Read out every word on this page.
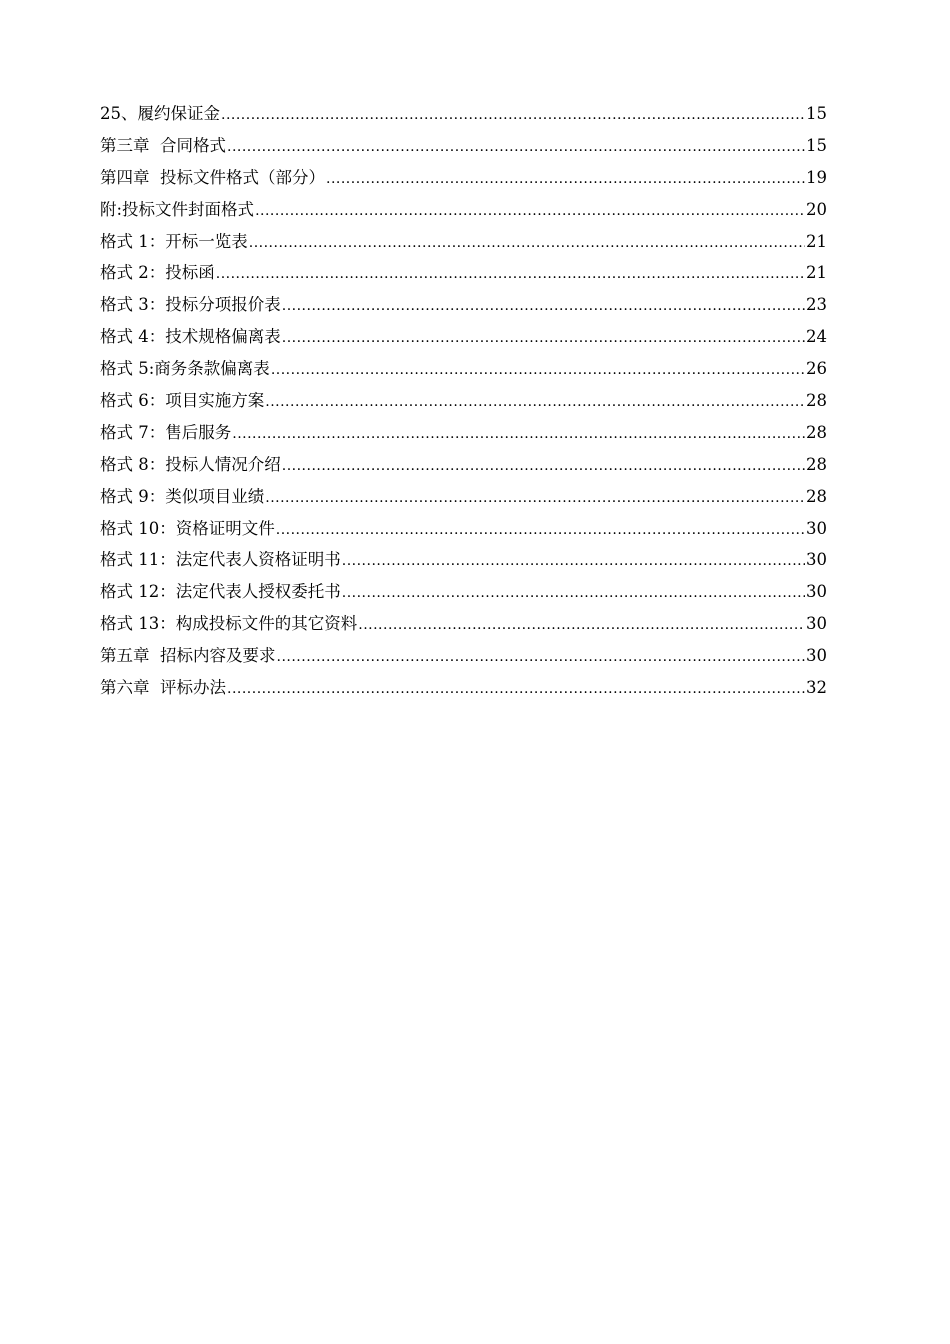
25、履约保证金 .....	15
第三章  合同格式 .....	15
第四章  投标文件格式（部分） .....	19
附:投标文件封面格式 .....	20
格式 1：开标一览表 .....	21
格式 2：投标函 .....	21
格式 3：投标分项报价表 .....	23
格式 4：技术规格偏离表 .....	24
格式 5:商务条款偏离表 .....	26
格式 6：项目实施方案 .....	28
格式 7：售后服务 .....	28
格式 8：投标人情况介绍 .....	28
格式 9：类似项目业绩 .....	28
格式 10：资格证明文件 .....	30
格式 11：法定代表人资格证明书 .....	30
格式 12：法定代表人授权委托书 .....	30
格式 13：构成投标文件的其它资料 .....	30
第五章  招标内容及要求 .....	30
第六章  评标办法 .....	32
